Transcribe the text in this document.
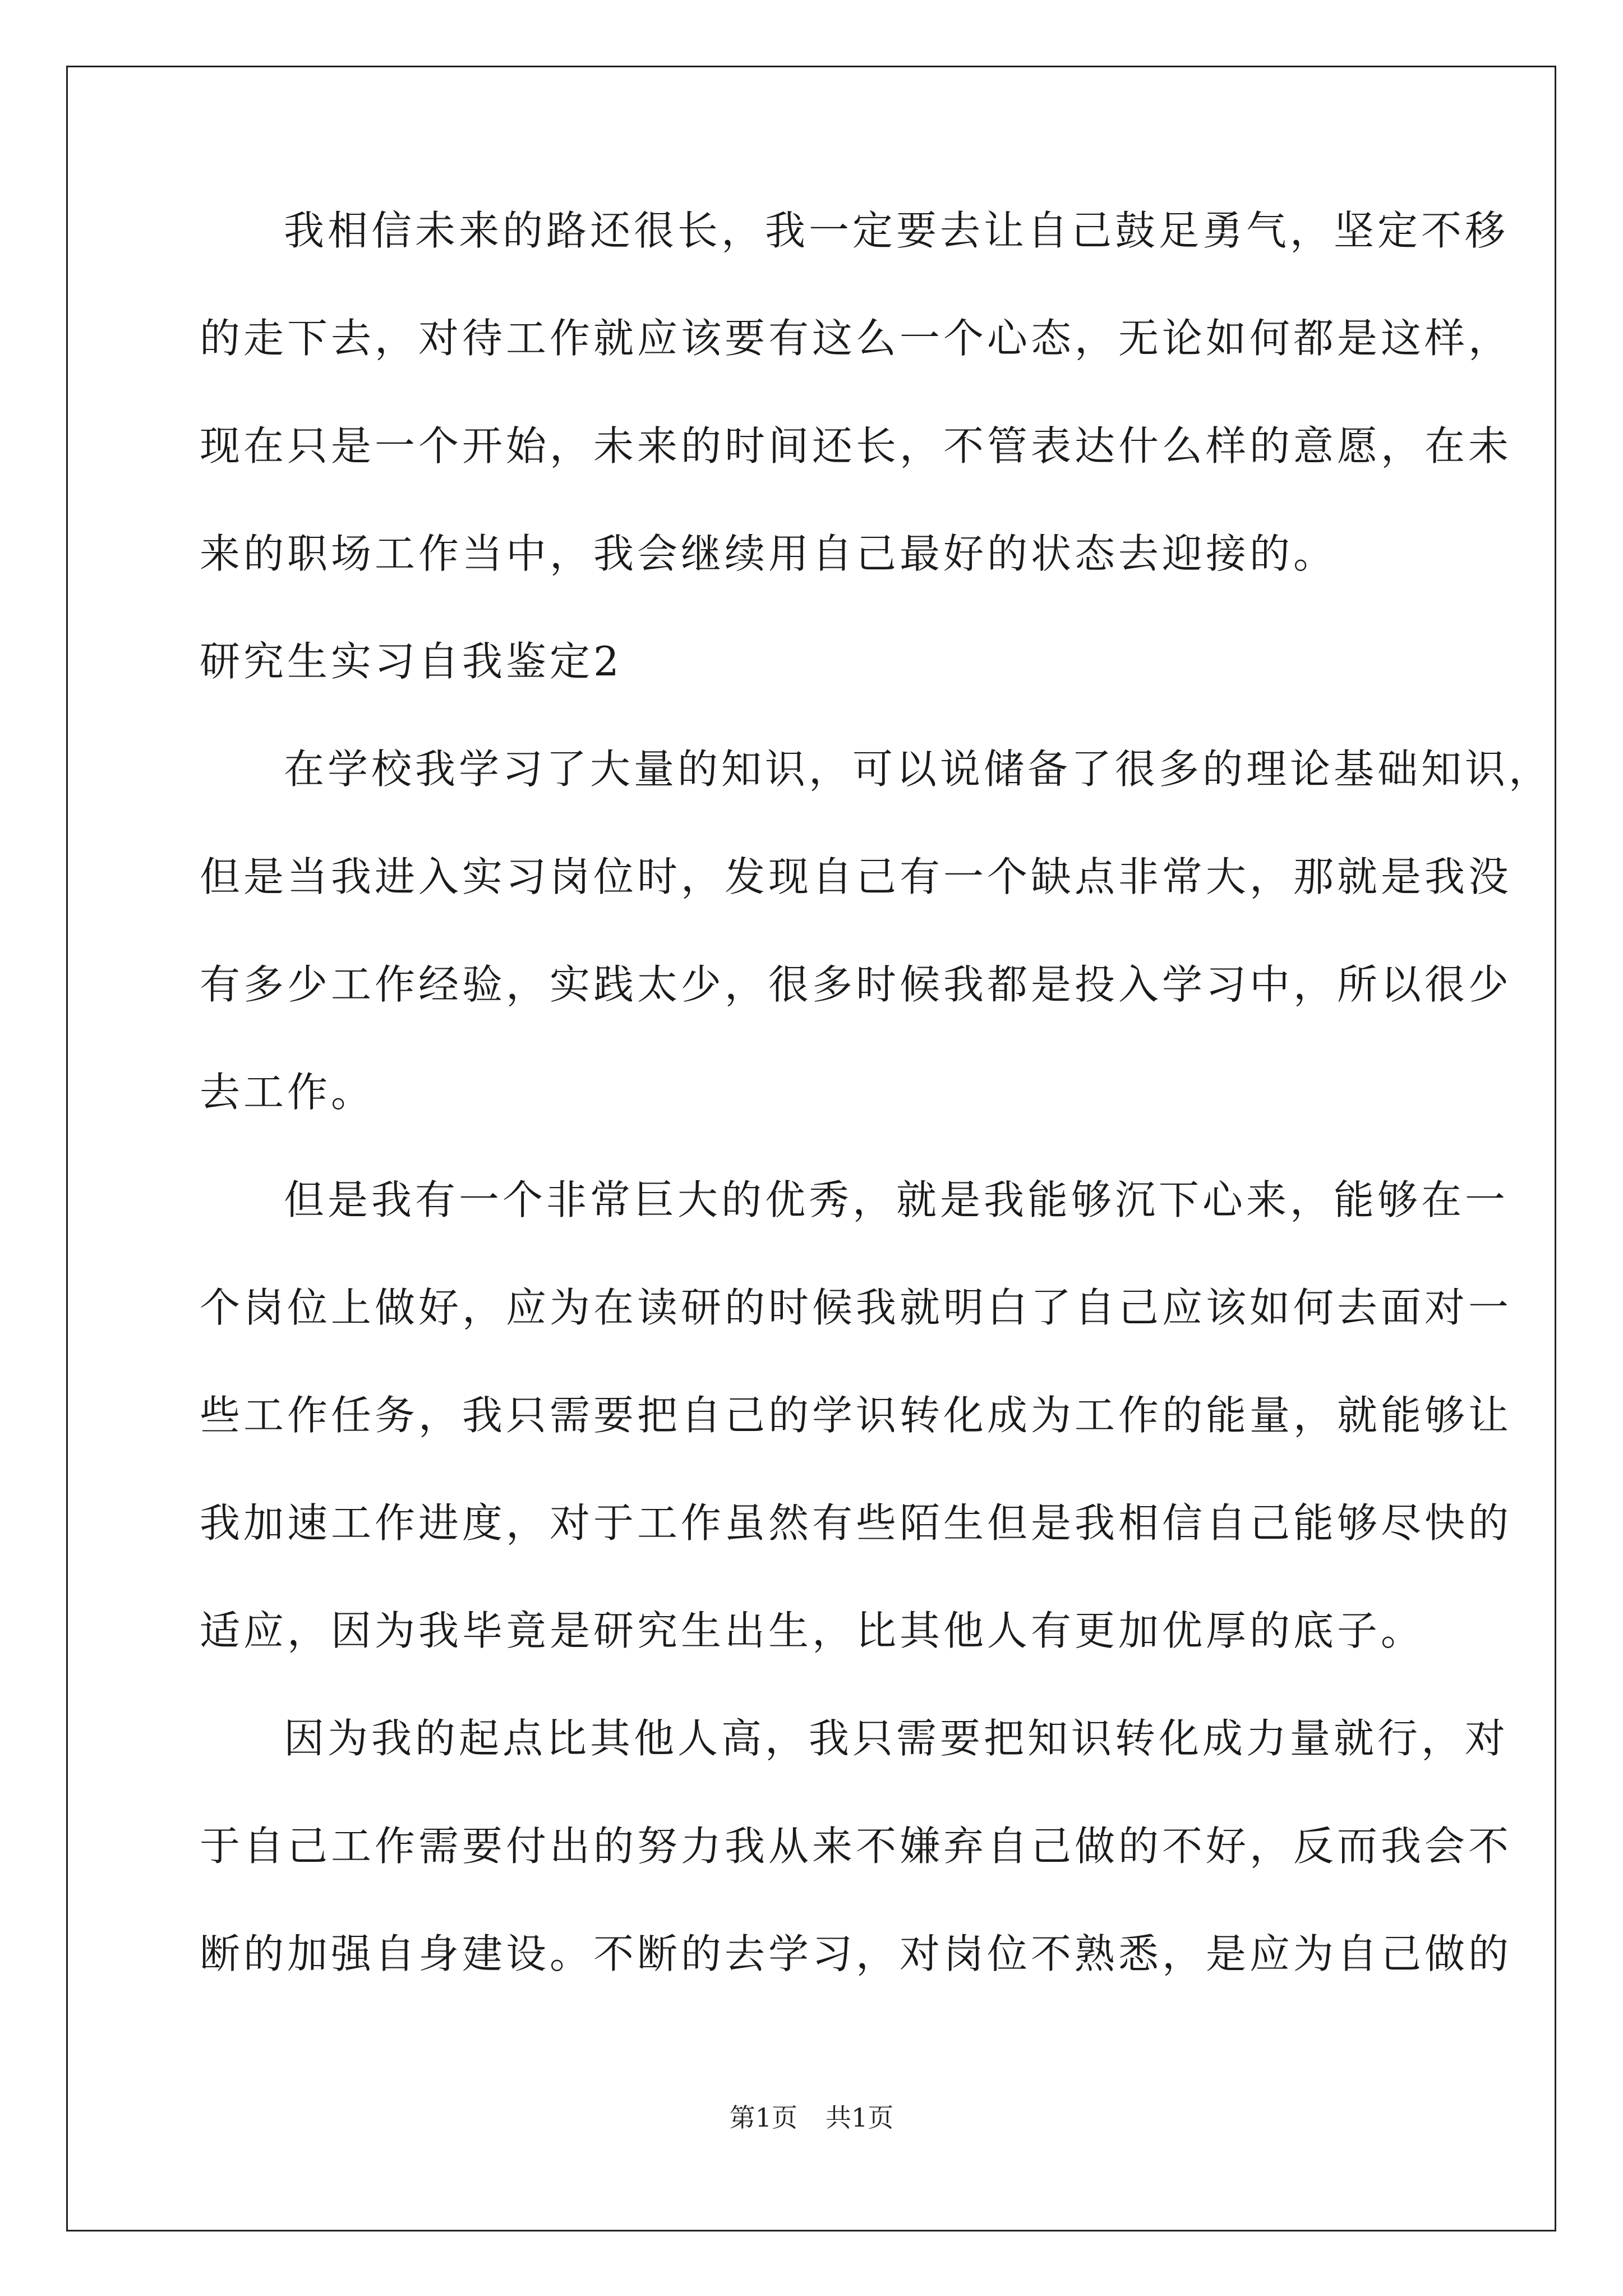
我相信未来的路还很长，我一定要去让自己鼓足勇气，坚定不移
的走下去，对待工作就应该要有这么一个心态，无论如何都是这样，
现在只是一个开始，未来的时间还长，不管表达什么样的意愿，在未
来的职场工作当中，我会继续用自己最好的状态去迎接的。
研究生实习自我鉴定2
在学校我学习了大量的知识，可以说储备了很多的理论基础知识，
但是当我进入实习岗位时，发现自己有一个缺点非常大，那就是我没
有多少工作经验，实践太少，很多时候我都是投入学习中，所以很少
去工作。
但是我有一个非常巨大的优秀，就是我能够沉下心来，能够在一
个岗位上做好，应为在读研的时候我就明白了自己应该如何去面对一
些工作任务，我只需要把自己的学识转化成为工作的能量，就能够让
我加速工作进度，对于工作虽然有些陌生但是我相信自己能够尽快的
适应，因为我毕竟是研究生出生，比其他人有更加优厚的底子。
因为我的起点比其他人高，我只需要把知识转化成力量就行，对
于自己工作需要付出的努力我从来不嫌弃自己做的不好，反而我会不
断的加强自身建设。不断的去学习，对岗位不熟悉，是应为自己做的
第1页 共1页
